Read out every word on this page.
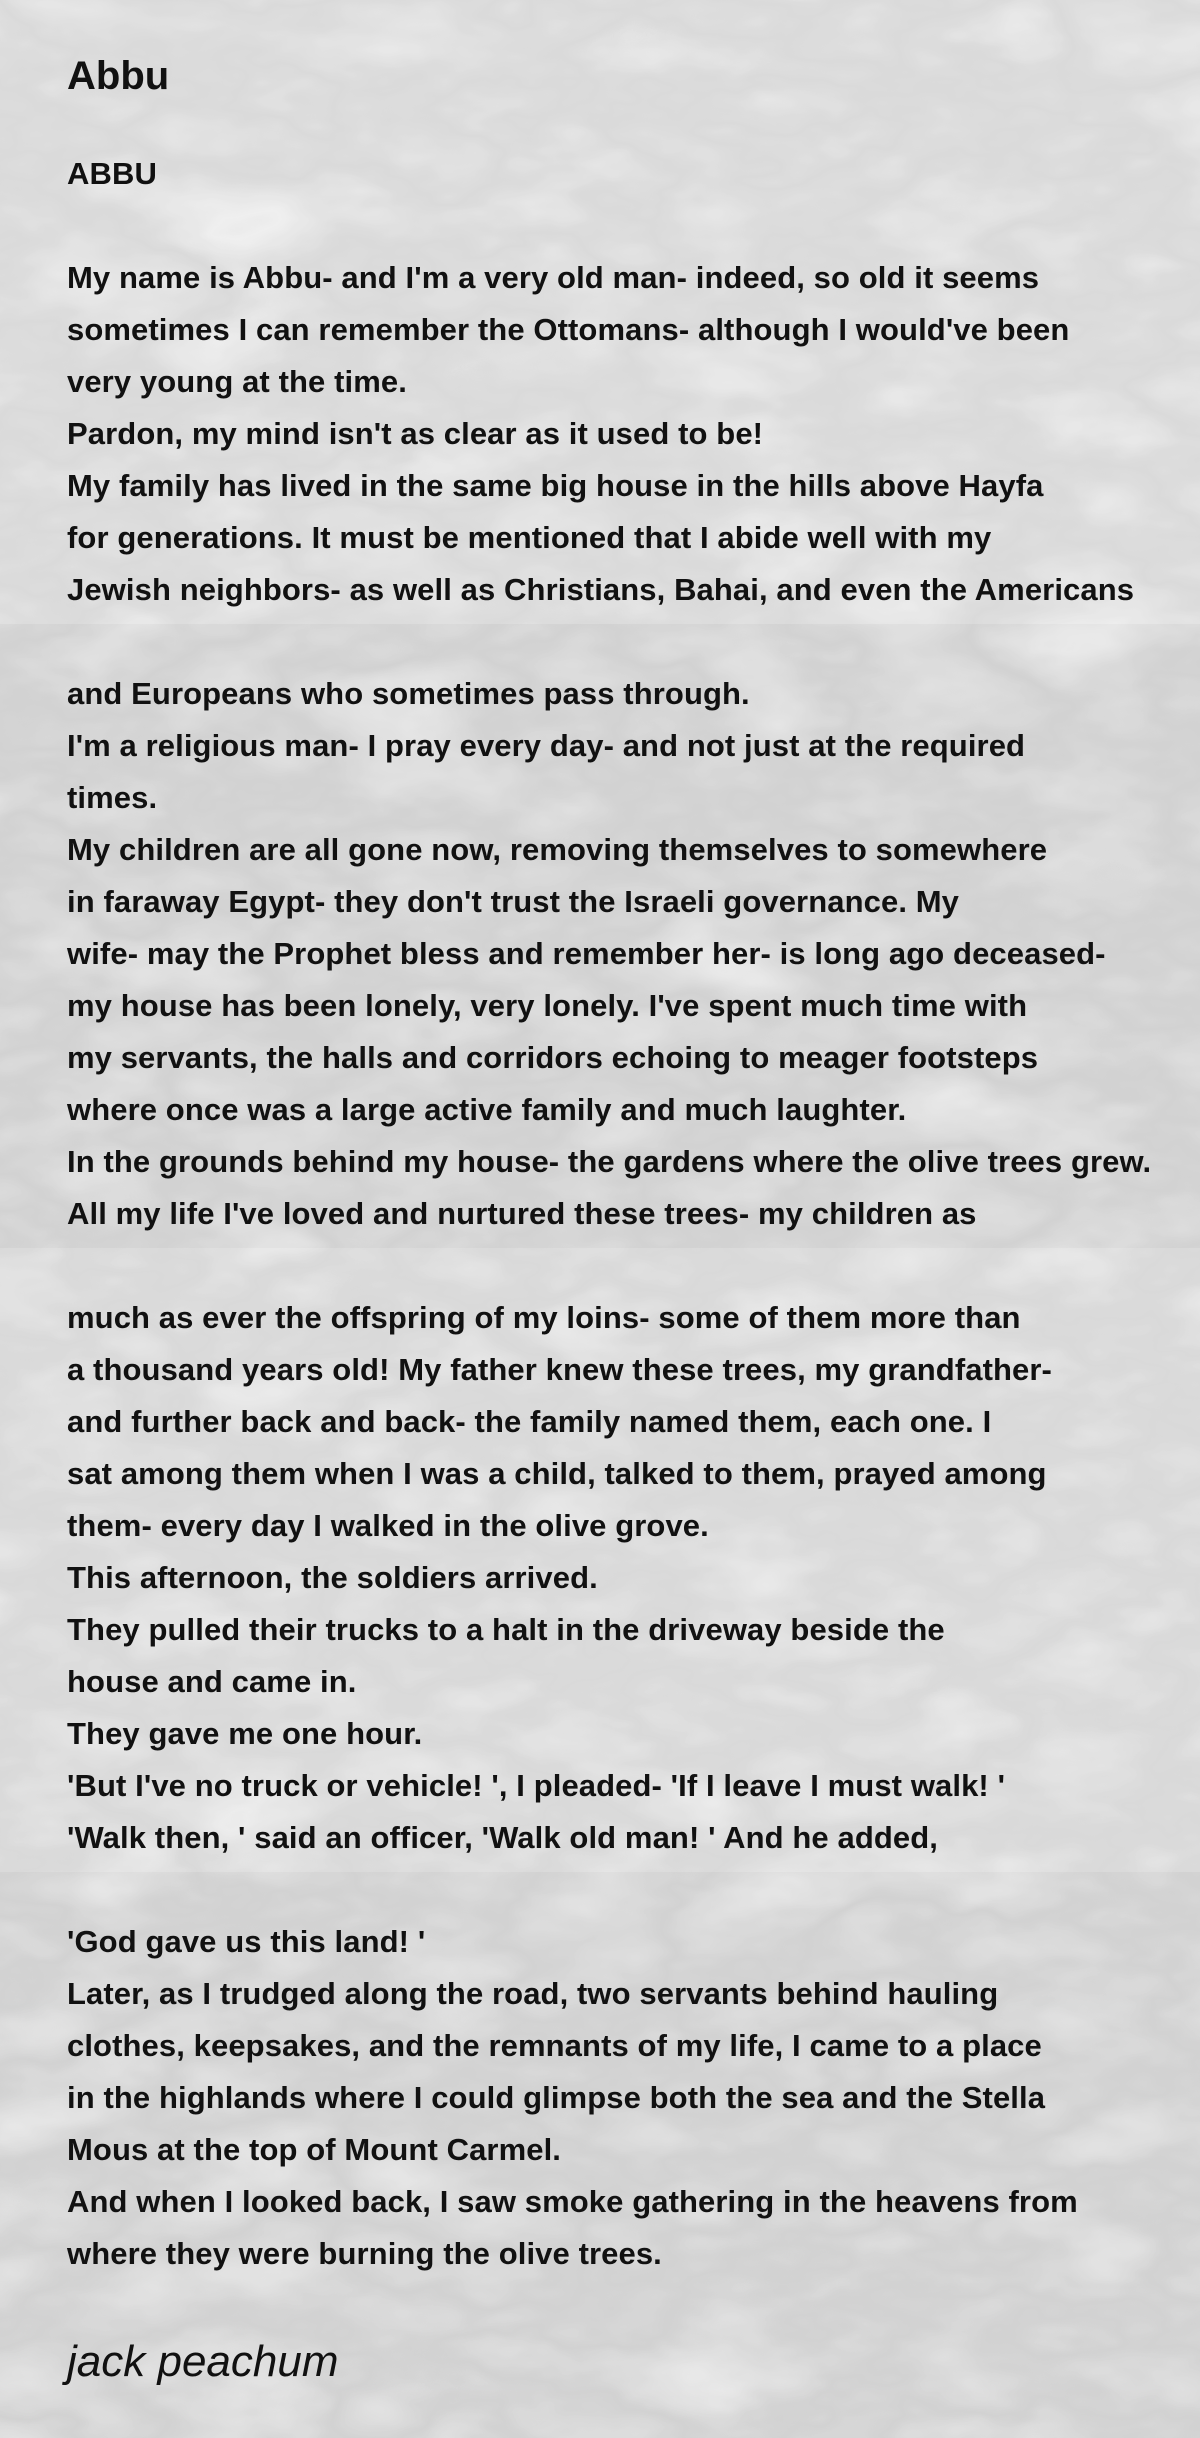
Abbu
ABBU
My name is Abbu- and I'm a very old man- indeed, so old it seems
sometimes I can remember the Ottomans- although I would've been
very young at the time.
Pardon, my mind isn't as clear as it used to be!
My family has lived in the same big house in the hills above Hayfa
for generations. It must be mentioned that I abide well with my
Jewish neighbors- as well as Christians, Bahai, and even the Americans
and Europeans who sometimes pass through.
I'm a religious man- I pray every day- and not just at the required
times.
My children are all gone now, removing themselves to somewhere
in faraway Egypt- they don't trust the Israeli governance. My
wife- may the Prophet bless and remember her- is long ago deceased-
my house has been lonely, very lonely. I've spent much time with
my servants, the halls and corridors echoing to meager footsteps
where once was a large active family and much laughter.
In the grounds behind my house- the gardens where the olive trees grew.
All my life I've loved and nurtured these trees- my children as
much as ever the offspring of my loins- some of them more than
a thousand years old! My father knew these trees, my grandfather-
and further back and back- the family named them, each one. I
sat among them when I was a child, talked to them, prayed among
them- every day I walked in the olive grove.
This afternoon, the soldiers arrived.
They pulled their trucks to a halt in the driveway beside the
house and came in.
They gave me one hour.
'But I've no truck or vehicle! ', I pleaded- 'If I leave I must walk! '
'Walk then, ' said an officer, 'Walk old man! ' And he added,
'God gave us this land! '
Later, as I trudged along the road, two servants behind hauling
clothes, keepsakes, and the remnants of my life, I came to a place
in the highlands where I could glimpse both the sea and the Stella
Mous at the top of Mount Carmel.
And when I looked back, I saw smoke gathering in the heavens from
where they were burning the olive trees.
jack peachum
